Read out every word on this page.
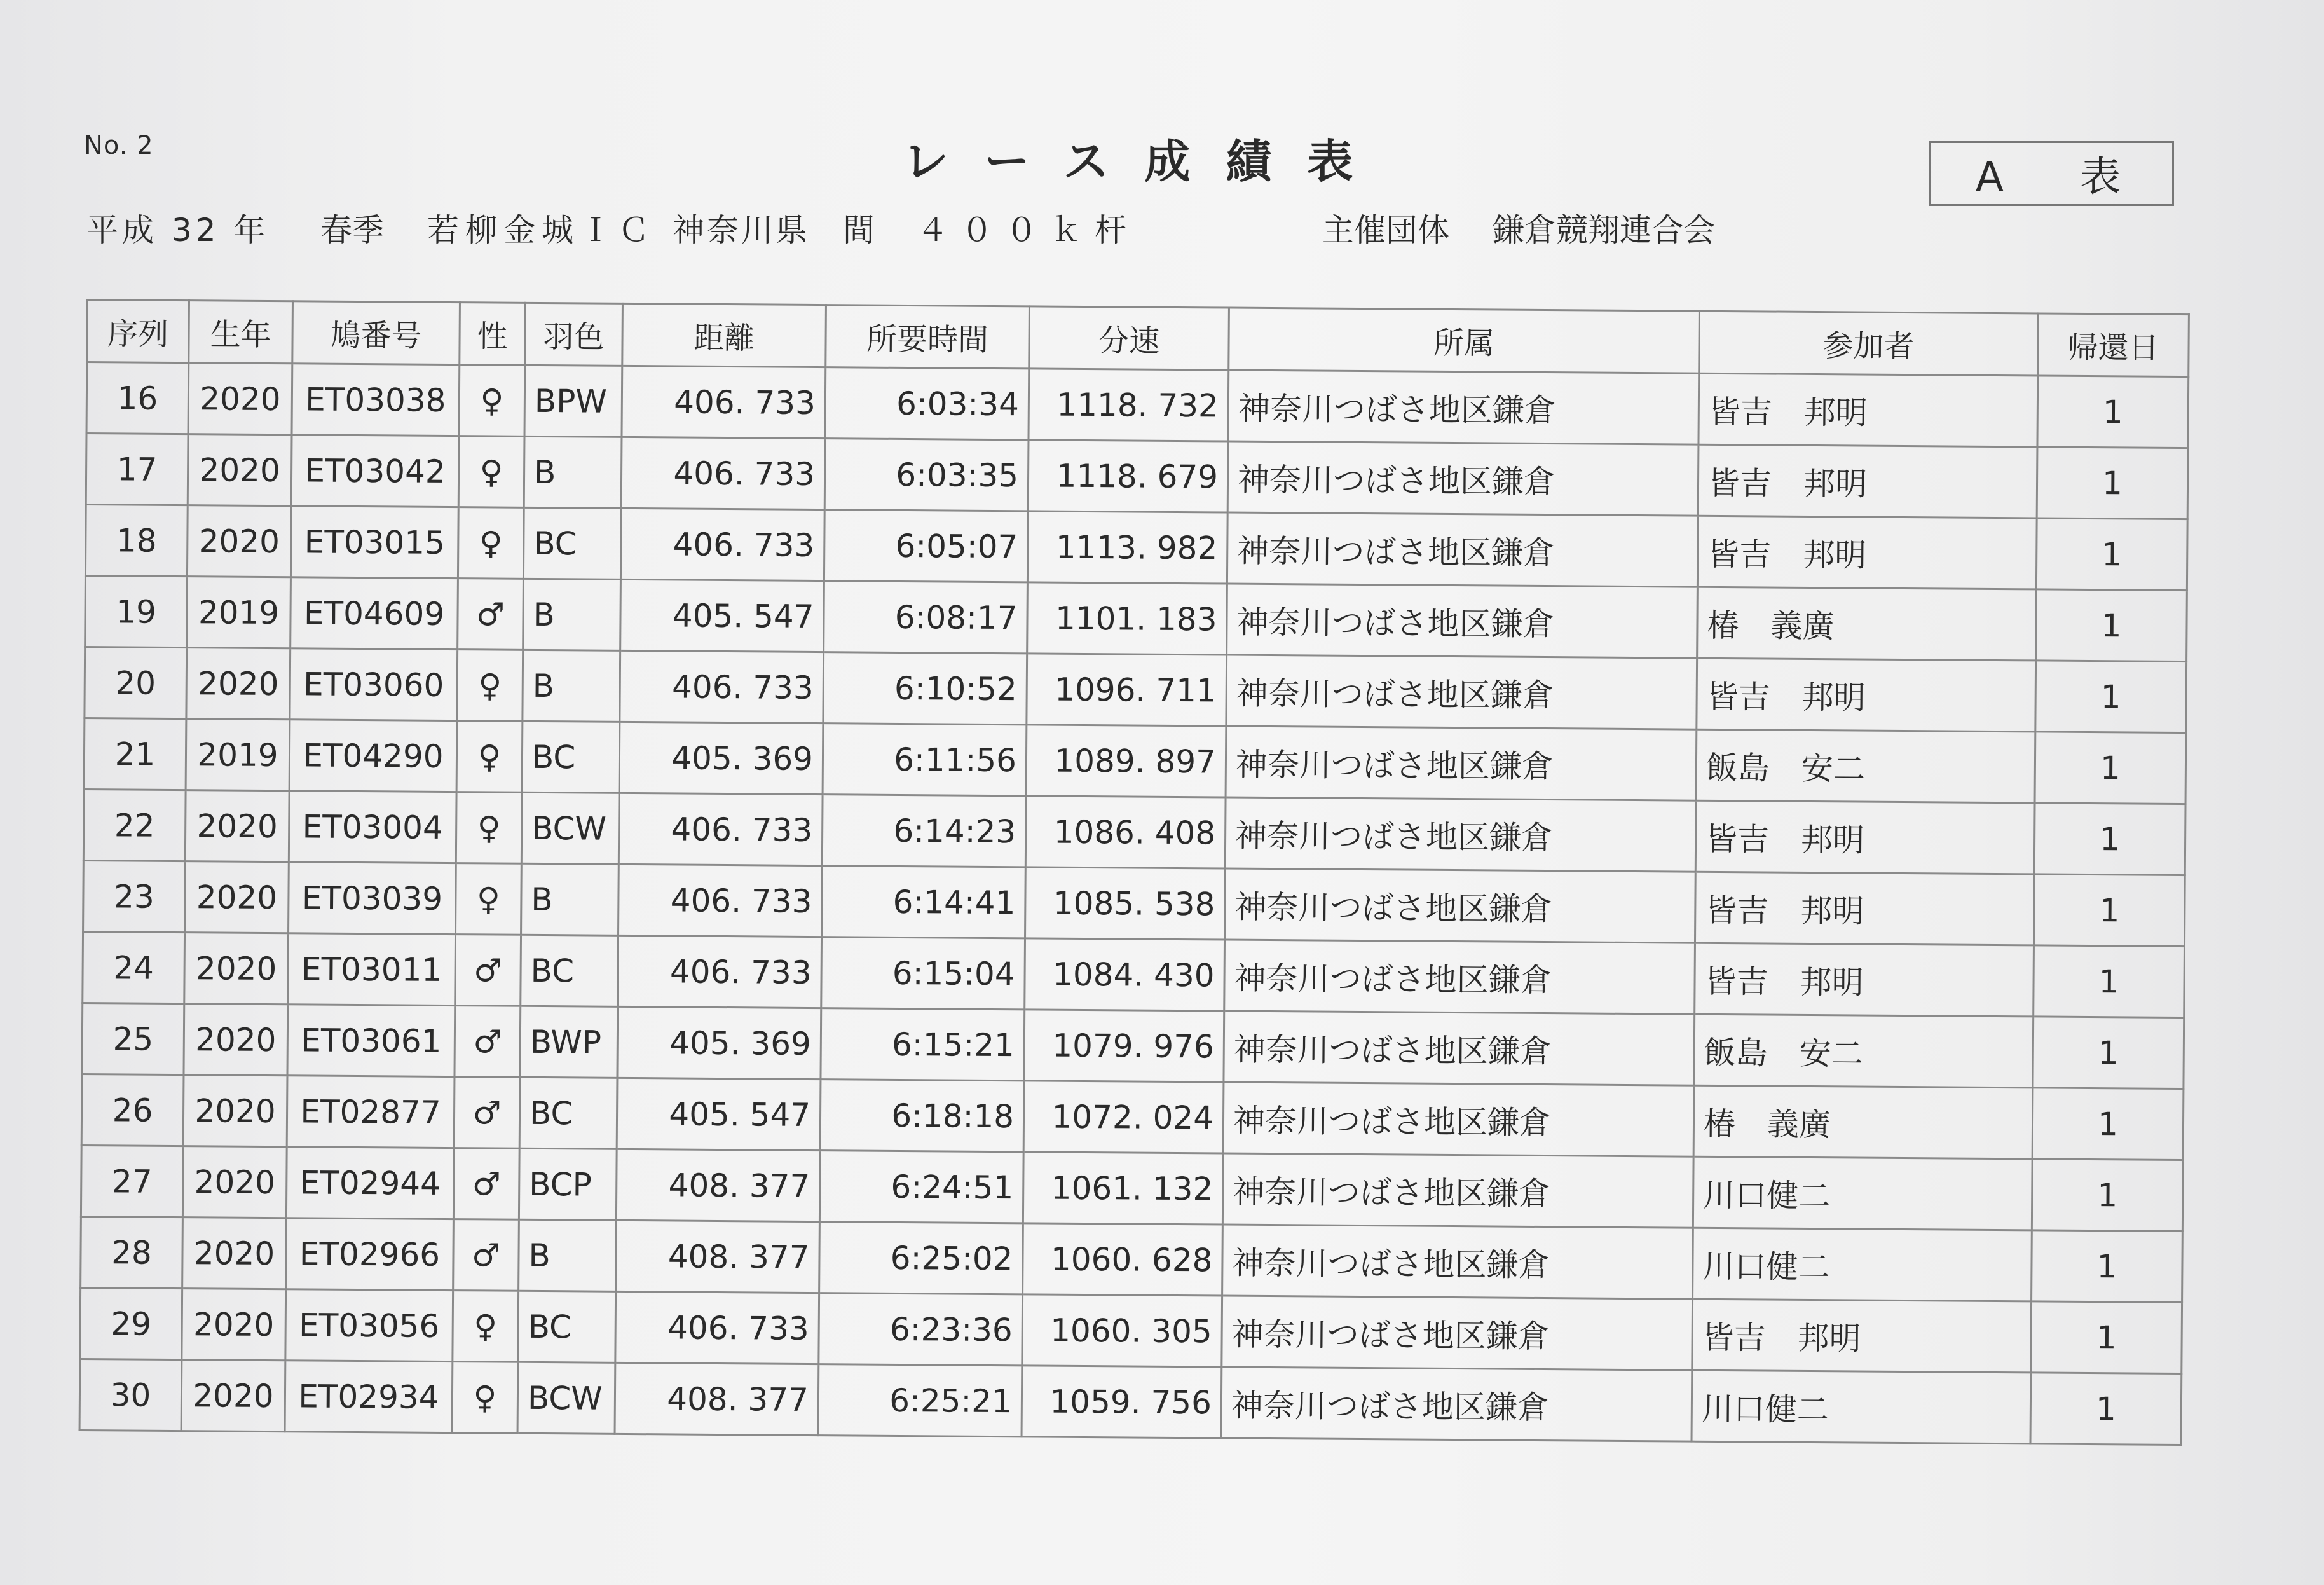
No. 2	レース成績表	A 表
平成 32 年 春季 若柳金城ＩＣ 神奈川県 間 ４００ｋ杆	主催団体 鎌倉競翔連合会
序列	生年	鳩番号	性	羽色	距離	所要時間	分速	所属	参加者	帰還日
16	2020	ET03038	♀	BPW	406. 733	6:03:34	1118. 732	神奈川つばさ地区鎌倉	皆吉　邦明	1
17	2020	ET03042	♀	B	406. 733	6:03:35	1118. 679	神奈川つばさ地区鎌倉	皆吉　邦明	1
18	2020	ET03015	♀	BC	406. 733	6:05:07	1113. 982	神奈川つばさ地区鎌倉	皆吉　邦明	1
19	2019	ET04609	♂	B	405. 547	6:08:17	1101. 183	神奈川つばさ地区鎌倉	椿　義廣	1
20	2020	ET03060	♀	B	406. 733	6:10:52	1096. 711	神奈川つばさ地区鎌倉	皆吉　邦明	1
21	2019	ET04290	♀	BC	405. 369	6:11:56	1089. 897	神奈川つばさ地区鎌倉	飯島　安二	1
22	2020	ET03004	♀	BCW	406. 733	6:14:23	1086. 408	神奈川つばさ地区鎌倉	皆吉　邦明	1
23	2020	ET03039	♀	B	406. 733	6:14:41	1085. 538	神奈川つばさ地区鎌倉	皆吉　邦明	1
24	2020	ET03011	♂	BC	406. 733	6:15:04	1084. 430	神奈川つばさ地区鎌倉	皆吉　邦明	1
25	2020	ET03061	♂	BWP	405. 369	6:15:21	1079. 976	神奈川つばさ地区鎌倉	飯島　安二	1
26	2020	ET02877	♂	BC	405. 547	6:18:18	1072. 024	神奈川つばさ地区鎌倉	椿　義廣	1
27	2020	ET02944	♂	BCP	408. 377	6:24:51	1061. 132	神奈川つばさ地区鎌倉	川口健二	1
28	2020	ET02966	♂	B	408. 377	6:25:02	1060. 628	神奈川つばさ地区鎌倉	川口健二	1
29	2020	ET03056	♀	BC	406. 733	6:23:36	1060. 305	神奈川つばさ地区鎌倉	皆吉　邦明	1
30	2020	ET02934	♀	BCW	408. 377	6:25:21	1059. 756	神奈川つばさ地区鎌倉	川口健二	1
